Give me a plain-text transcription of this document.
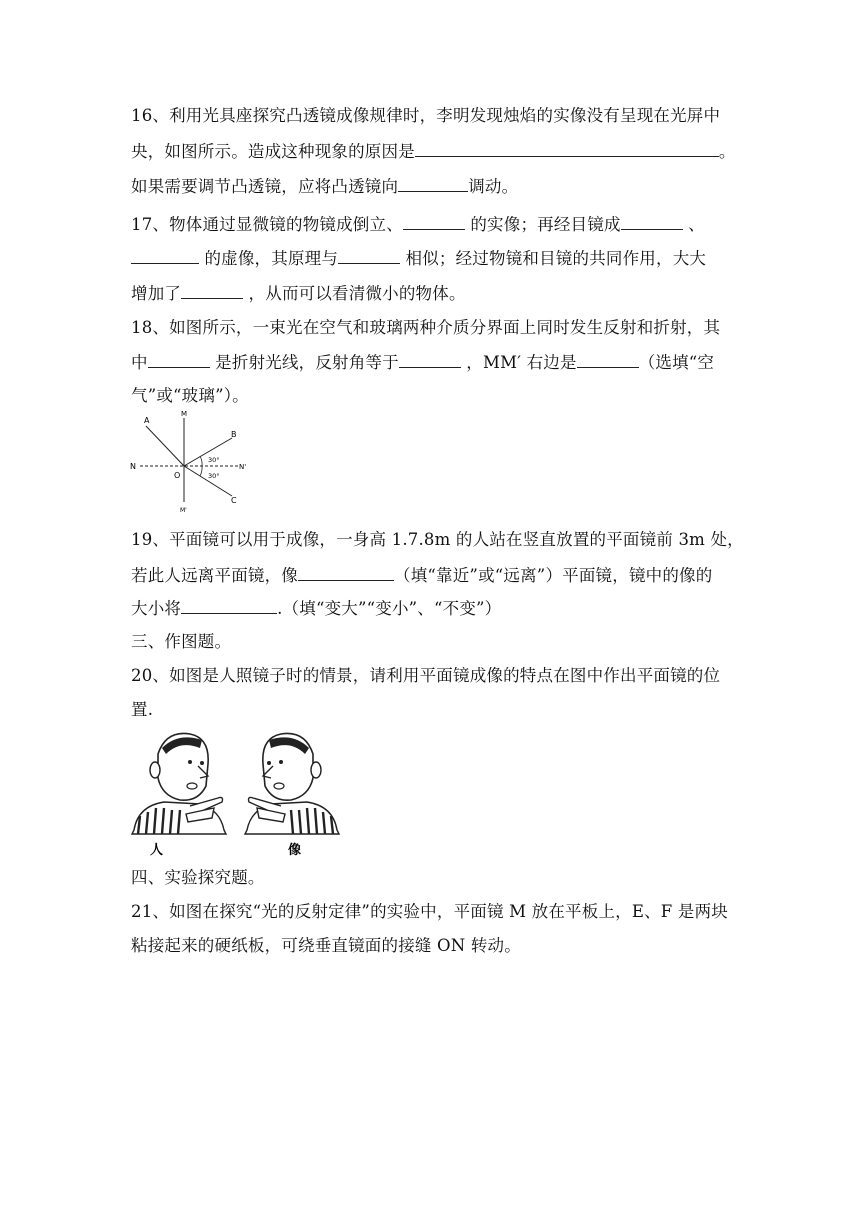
16、利用光具座探究凸透镜成像规律时，李明发现烛焰的实像没有呈现在光屏中
央，如图所示。造成这种现象的原因是	。
如果需要调节凸透镜，应将凸透镜向	调动。
17、物体通过显微镜的物镜成倒立、	的实像；再经目镜成	、
的虚像，其原理与	相似；经过物镜和目镜的共同作用，大大
增加了	，从而可以看清微小的物体。
18、如图所示，一束光在空气和玻璃两种介质分界面上同时发生反射和折射，其
中	是折射光线，反射角等于	，MM′ 右边是	（选填“空
气”或“玻璃”）。
A
M
B
N
O
N'
C
M'
30°
30°
19、平面镜可以用于成像，一身高 1.7.8m 的人站在竖直放置的平面镜前 3m 处，
若此人远离平面镜，像	（填“靠近”或“远离”）平面镜，镜中的像的
大小将	.（填“变大”“变小”、“不变”）
三、作图题。
20、如图是人照镜子时的情景，请利用平面镜成像的特点在图中作出平面镜的位
置.
人	像
四、实验探究题。
21、如图在探究“光的反射定律”的实验中，平面镜 M 放在平板上，E、F 是两块
粘接起来的硬纸板，可绕垂直镜面的接缝 ON 转动。
